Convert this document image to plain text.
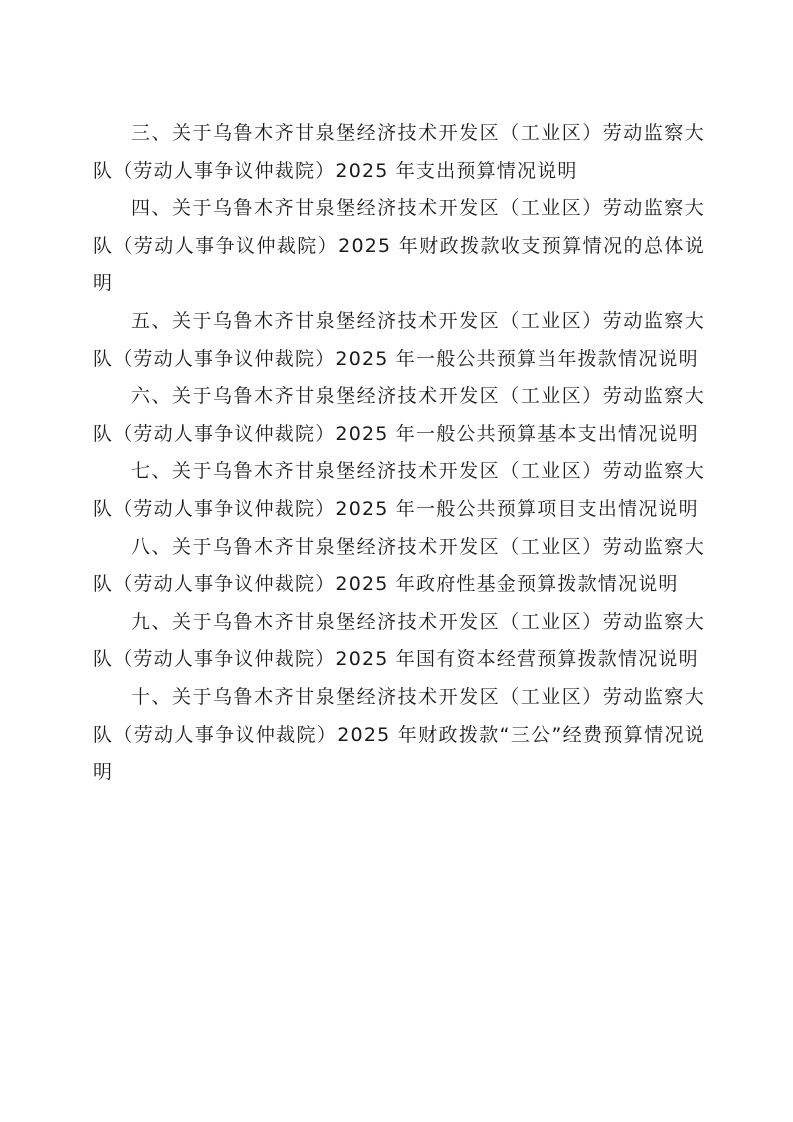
三、关于乌鲁木齐甘泉堡经济技术开发区（工业区）劳动监察大队（劳动人事争议仲裁院）2025 年支出预算情况说明

四、关于乌鲁木齐甘泉堡经济技术开发区（工业区）劳动监察大队（劳动人事争议仲裁院）2025 年财政拨款收支预算情况的总体说明

五、关于乌鲁木齐甘泉堡经济技术开发区（工业区）劳动监察大队（劳动人事争议仲裁院）2025 年一般公共预算当年拨款情况说明

六、关于乌鲁木齐甘泉堡经济技术开发区（工业区）劳动监察大队（劳动人事争议仲裁院）2025 年一般公共预算基本支出情况说明

七、关于乌鲁木齐甘泉堡经济技术开发区（工业区）劳动监察大队（劳动人事争议仲裁院）2025 年一般公共预算项目支出情况说明

八、关于乌鲁木齐甘泉堡经济技术开发区（工业区）劳动监察大队（劳动人事争议仲裁院）2025 年政府性基金预算拨款情况说明

九、关于乌鲁木齐甘泉堡经济技术开发区（工业区）劳动监察大队（劳动人事争议仲裁院）2025 年国有资本经营预算拨款情况说明

十、关于乌鲁木齐甘泉堡经济技术开发区（工业区）劳动监察大队（劳动人事争议仲裁院）2025 年财政拨款“三公”经费预算情况说明
